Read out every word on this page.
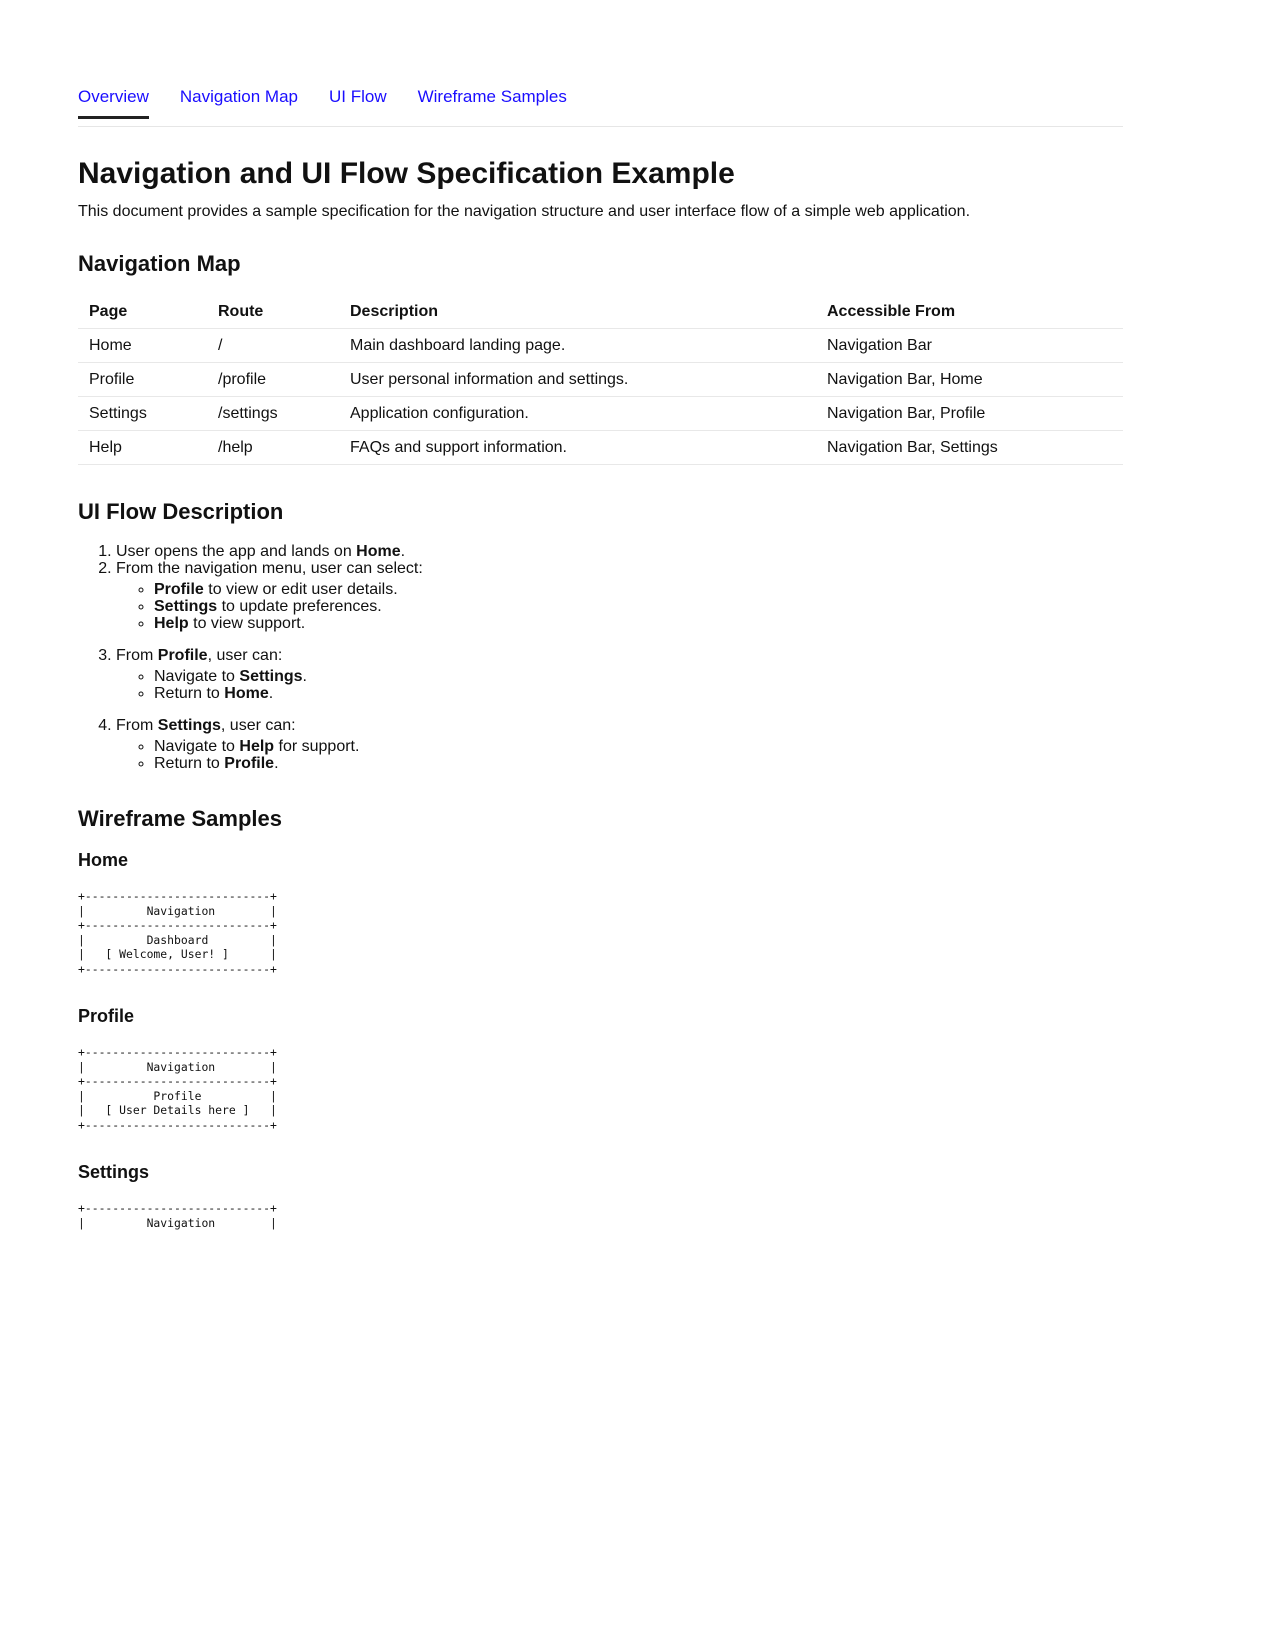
Overview Navigation Map UI Flow Wireframe Samples
Navigation and UI Flow Specification Example

This document provides a sample specification for the navigation structure and user interface flow of a simple web application.

Navigation Map
Page	Route	Description	Accessible From
Home	/	Main dashboard landing page.	Navigation Bar
Profile	/profile	User personal information and settings.	Navigation Bar, Home
Settings	/settings	Application configuration.	Navigation Bar, Profile
Help	/help	FAQs and support information.	Navigation Bar, Settings
UI Flow Description
1. User opens the app and lands on Home.
2. From the navigation menu, user can select:
◦ Profile to view or edit user details.
◦ Settings to update preferences.
◦ Help to view support.
3. From Profile, user can:
◦ Navigate to Settings.
◦ Return to Home.
4. From Settings, user can:
◦ Navigate to Help for support.
◦ Return to Profile.
Wireframe Samples
Home
+---------------------------+
|         Navigation        |
+---------------------------+
|         Dashboard         |
|   [ Welcome, User! ]      |
+---------------------------+
Profile
+---------------------------+
|         Navigation        |
+---------------------------+
|          Profile          |
|   [ User Details here ]   |
+---------------------------+
Settings
+---------------------------+
|         Navigation        |
